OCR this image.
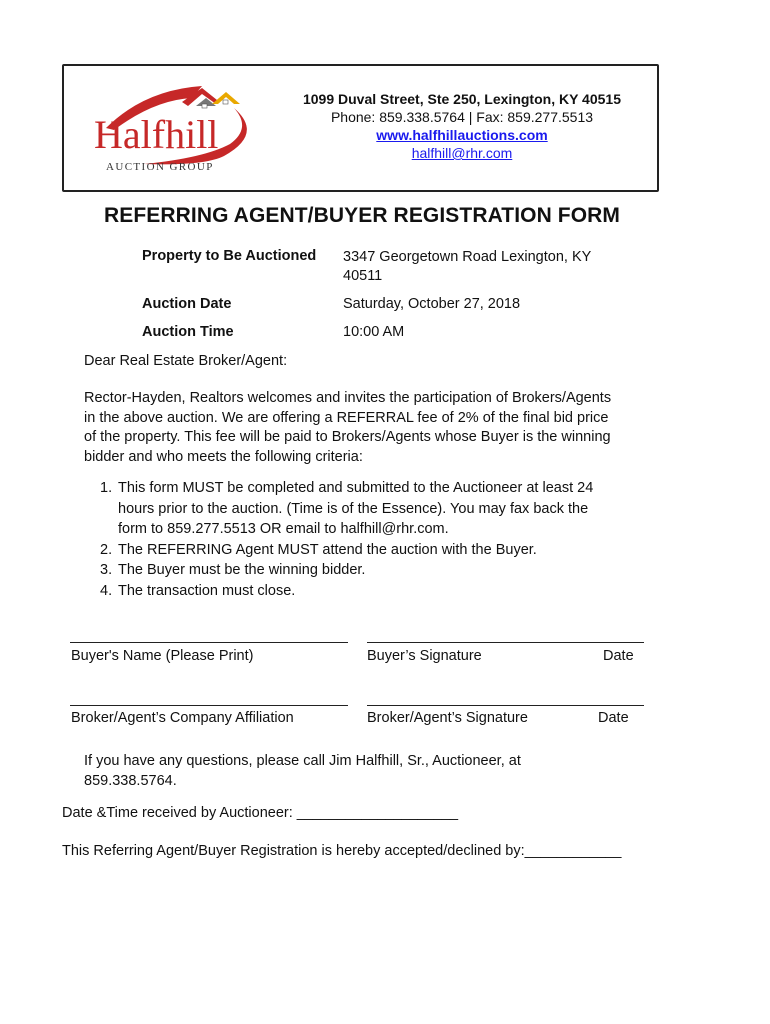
Halfhill
AUCTION GROUP
1099 Duval Street, Ste 250, Lexington, KY 40515
Phone: 859.338.5764 | Fax: 859.277.5513
www.halfhillauctions.com
halfhill@rhr.com
REFERRING AGENT/BUYER REGISTRATION FORM
Property to Be Auctioned 3347 Georgetown Road Lexington, KY
40511
Auction Date	Saturday, October 27, 2018
Auction Time	10:00 AM
Dear Real Estate Broker/Agent:
Rector-Hayden, Realtors welcomes and invites the participation of Brokers/Agents
in the above auction. We are offering a REFERRAL fee of 2% of the final bid price
of the property. This fee will be paid to Brokers/Agents whose Buyer is the winning
bidder and who meets the following criteria:
1. This form MUST be completed and submitted to the Auctioneer at least 24
hours prior to the auction. (Time is of the Essence). You may fax back the
form to 859.277.5513 OR email to halfhill@rhr.com.
2. The REFERRING Agent MUST attend the auction with the Buyer.
3. The Buyer must be the winning bidder.
4. The transaction must close.
Buyer's Name (Please Print)	Buyer’s Signature	Date
Broker/Agent’s Company Affiliation	Broker/Agent’s Signature	Date
If you have any questions, please call Jim Halfhill, Sr., Auctioneer, at
859.338.5764.
Date &Time received by Auctioneer: ____________________
This Referring Agent/Buyer Registration is hereby accepted/declined by:____________
